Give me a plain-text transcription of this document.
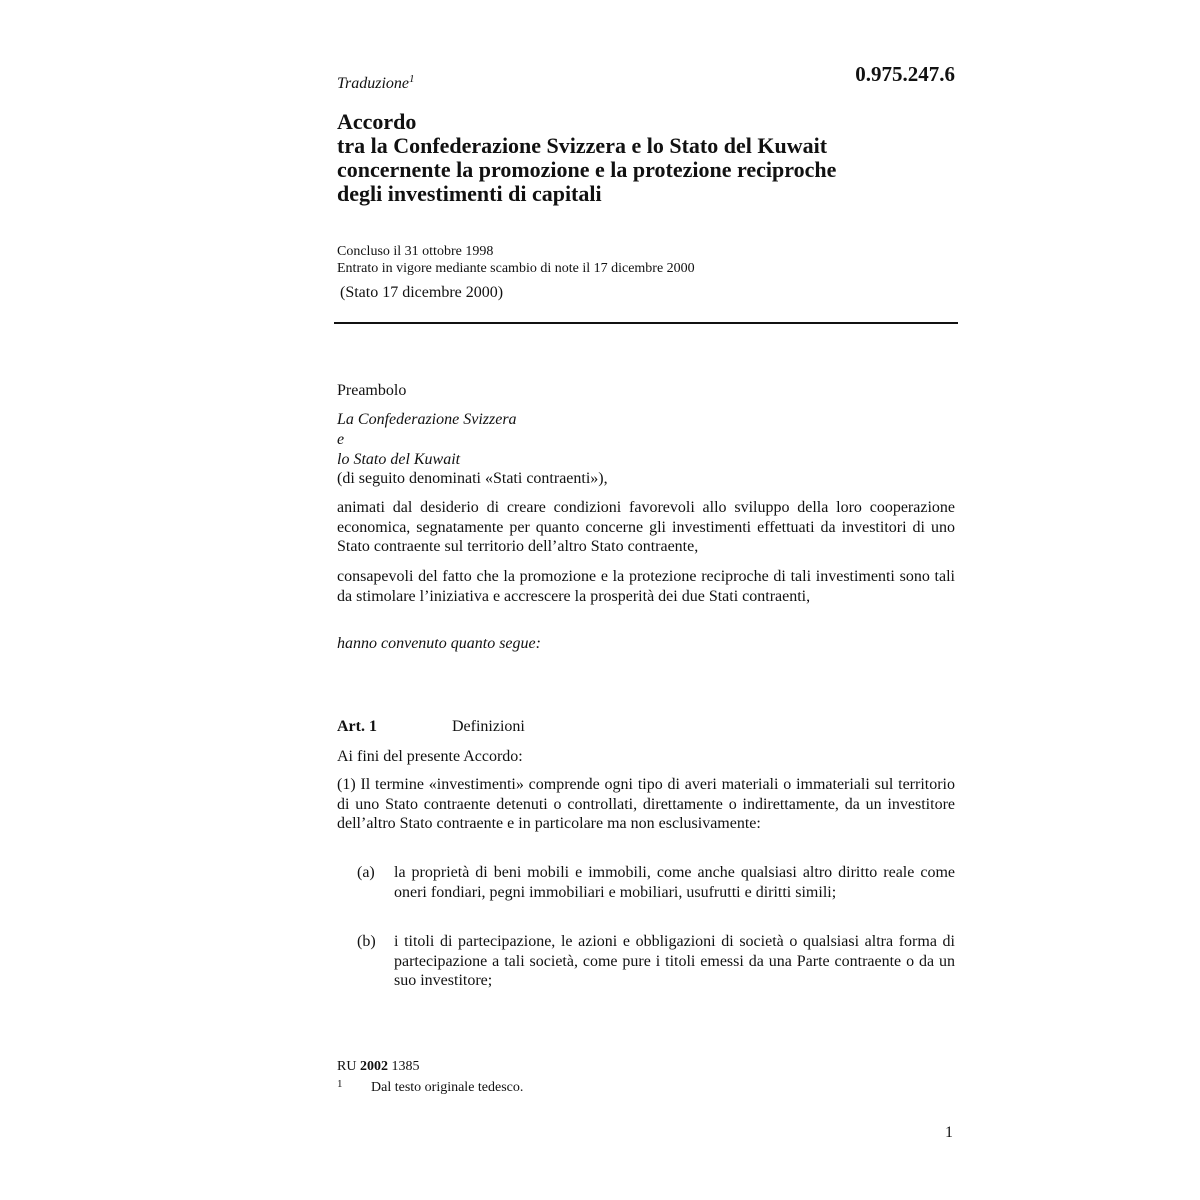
Traduzione$^1$	0.975.247.6
Accordo
tra la Confederazione Svizzera e lo Stato del Kuwait
concernente la promozione e la protezione reciproche
degli investimenti di capitali
Concluso il 31 ottobre 1998
Entrato in vigore mediante scambio di note il 17 dicembre 2000
(Stato 17 dicembre 2000)
Preambolo
La Confederazione Svizzera
e
lo Stato del Kuwait
(di seguito denominati «Stati contraenti»),
animati dal desiderio di creare condizioni favorevoli allo sviluppo della loro cooperazione economica, segnatamente per quanto concerne gli investimenti effettuati da investitori di uno Stato contraente sul territorio dell’altro Stato contraente,
consapevoli del fatto che la promozione e la protezione reciproche di tali investimenti sono tali da stimolare l’iniziativa e accrescere la prosperità dei due Stati contraenti,
hanno convenuto quanto segue:
Art. 1	Definizioni
Ai fini del presente Accordo:
(1) Il termine «investimenti» comprende ogni tipo di averi materiali o immateriali sul territorio di uno Stato contraente detenuti o controllati, direttamente o indirettamente, da un investitore dell’altro Stato contraente e in particolare ma non esclusivamente:
(a) la proprietà di beni mobili e immobili, come anche qualsiasi altro diritto reale come oneri fondiari, pegni immobiliari e mobiliari, usufrutti e diritti simili;
(b) i titoli di partecipazione, le azioni e obbligazioni di società o qualsiasi altra forma di partecipazione a tali società, come pure i titoli emessi da una Parte contraente o da un suo investitore;
RU 2002 1385
1 Dal testo originale tedesco.
1
